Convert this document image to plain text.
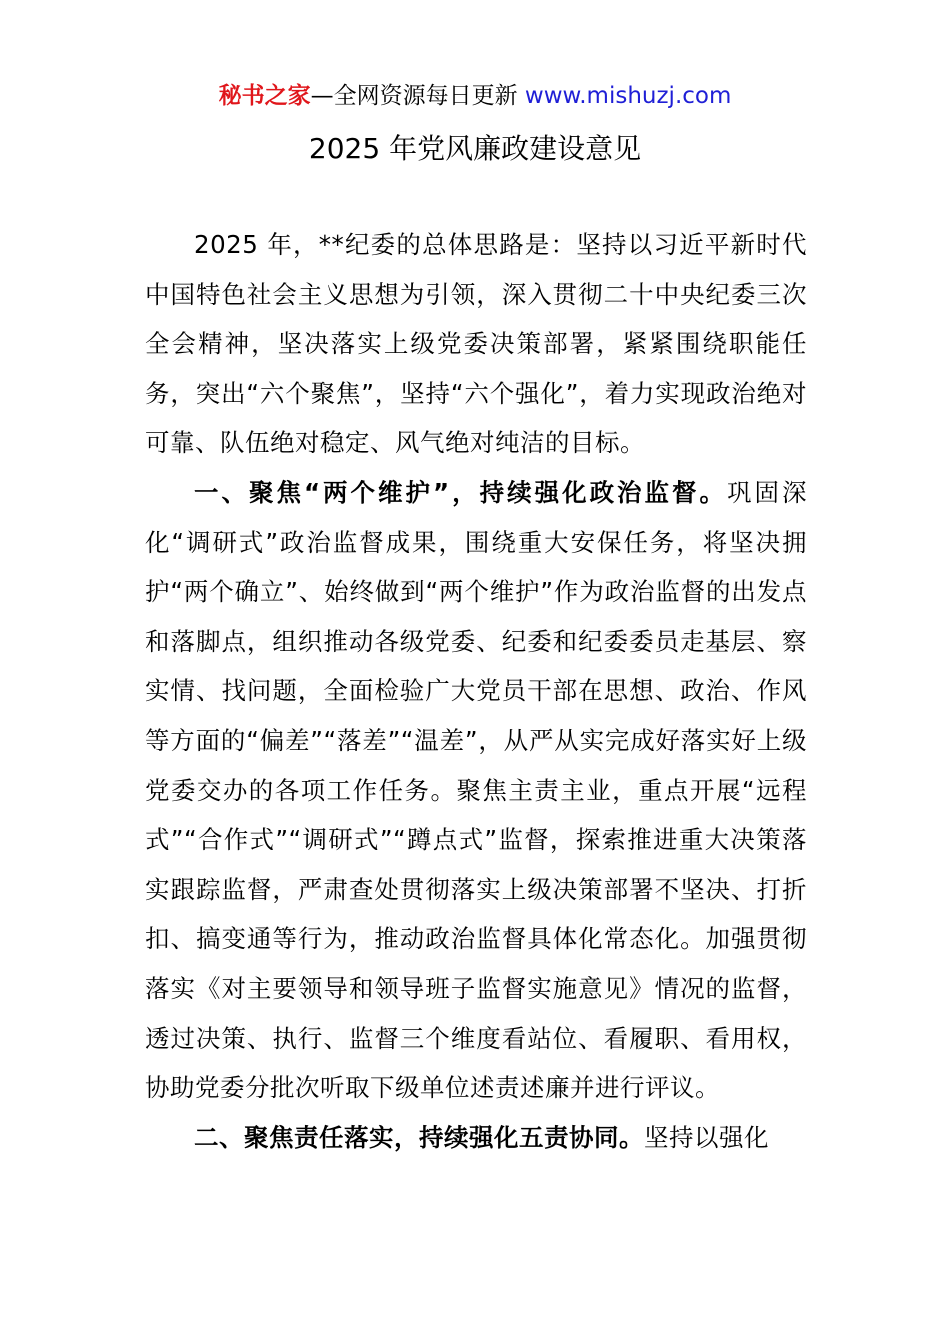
秘书之家—全网资源每日更新 www.mishuzj.com
2025 年党风廉政建设意见

2025 年，**纪委的总体思路是：坚持以习近平新时代中国特色社会主义思想为引领，深入贯彻二十中央纪委三次全会精神，坚决落实上级党委决策部署，紧紧围绕职能任务，突出“六个聚焦”，坚持“六个强化”，着力实现政治绝对可靠、队伍绝对稳定、风气绝对纯洁的目标。

一、聚焦“两个维护”，持续强化政治监督。巩固深化“调研式”政治监督成果，围绕重大安保任务，将坚决拥护“两个确立”、始终做到“两个维护”作为政治监督的出发点和落脚点，组织推动各级党委、纪委和纪委委员走基层、察实情、找问题，全面检验广大党员干部在思想、政治、作风等方面的“偏差”“落差”“温差”，从严从实完成好落实好上级党委交办的各项工作任务。聚焦主责主业，重点开展“远程式”“合作式”“调研式”“蹲点式”监督，探索推进重大决策落实跟踪监督，严肃查处贯彻落实上级决策部署不坚决、打折扣、搞变通等行为，推动政治监督具体化常态化。加强贯彻落实《对主要领导和领导班子监督实施意见》情况的监督，透过决策、执行、监督三个维度看站位、看履职、看用权，协助党委分批次听取下级单位述责述廉并进行评议。

二、聚焦责任落实，持续强化五责协同。坚持以强化
